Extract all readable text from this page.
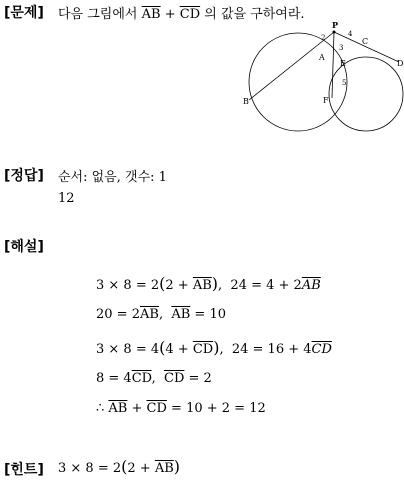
[문제] 다음 그림에서 $\overline{AB} + \overline{CD}$ 의 값을 구하여라.
P
A
B
C
D
E
F
2	4
3
5
[정답] 순서: 없음, 갯수: 1
12
[해설]
$3 \times 8 = 2(2 + \overline{AB})$,  $24 = 4 + 2\overline{AB}$
$20 = 2\overline{AB}$,  $\overline{AB} = 10$
$3 \times 8 = 4(4 + \overline{CD})$,  $24 = 16 + 4\overline{CD}$
$8 = 4\overline{CD}$,  $\overline{CD} = 2$
∴ $\overline{AB} + \overline{CD} = 10 + 2 = 12$
[힌트] $3 \times 8 = 2(2 + \overline{AB})$
